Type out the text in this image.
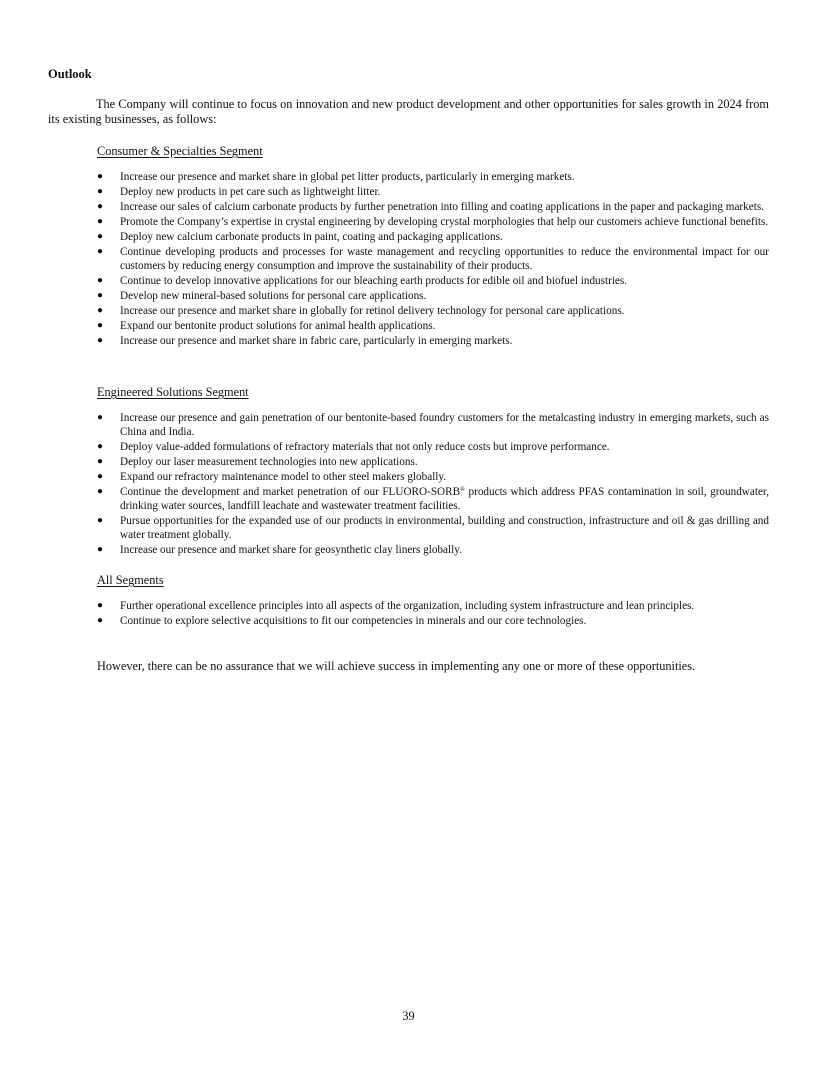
Outlook
The Company will continue to focus on innovation and new product development and other opportunities for sales growth in 2024 from its existing businesses, as follows:
Consumer & Specialties Segment
● Increase our presence and market share in global pet litter products, particularly in emerging markets.
● Deploy new products in pet care such as lightweight litter.
● Increase our sales of calcium carbonate products by further penetration into filling and coating applications in the paper and packaging markets.
● Promote the Company’s expertise in crystal engineering by developing crystal morphologies that help our customers achieve functional benefits.
● Deploy new calcium carbonate products in paint, coating and packaging applications.
● Continue developing products and processes for waste management and recycling opportunities to reduce the environmental impact for our customers by reducing energy consumption and improve the sustainability of their products.
● Continue to develop innovative applications for our bleaching earth products for edible oil and biofuel industries.
● Develop new mineral-based solutions for personal care applications.
● Increase our presence and market share in globally for retinol delivery technology for personal care applications.
● Expand our bentonite product solutions for animal health applications.
● Increase our presence and market share in fabric care, particularly in emerging markets.
Engineered Solutions Segment
● Increase our presence and gain penetration of our bentonite-based foundry customers for the metalcasting industry in emerging markets, such as China and India.
● Deploy value-added formulations of refractory materials that not only reduce costs but improve performance.
● Deploy our laser measurement technologies into new applications.
● Expand our refractory maintenance model to other steel makers globally.
● Continue the development and market penetration of our FLUORO-SORB® products which address PFAS contamination in soil, groundwater, drinking water sources, landfill leachate and wastewater treatment facilities.
● Pursue opportunities for the expanded use of our products in environmental, building and construction, infrastructure and oil & gas drilling and water treatment globally.
● Increase our presence and market share for geosynthetic clay liners globally.
All Segments
● Further operational excellence principles into all aspects of the organization, including system infrastructure and lean principles.
● Continue to explore selective acquisitions to fit our competencies in minerals and our core technologies.
However, there can be no assurance that we will achieve success in implementing any one or more of these opportunities.
39
